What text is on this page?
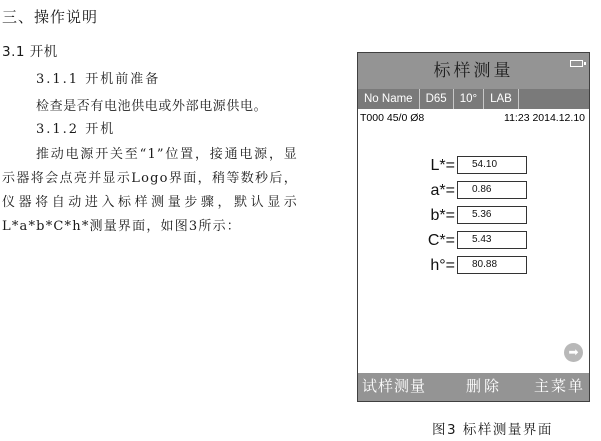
三、操作说明
3.1 开机
3.1.1 开机前准备
检查是否有电池供电或外部电源供电。
3.1.2 开机
推动电源开关至“1”位置，接通电源，显示器将会点亮并显示Logo界面，稍等数秒后，仪器将自动进入标样测量步骤，默认显示L*a*b*C*h*测量界面，如图3所示：
标样测量
No Name	D65	10°	LAB
T000 45/0 Ø8	11:23 2014.12.10
L*=	54.10
a*=	0.86
b*=	5.36
C*=	5.43
h°=	80.88
➡
试样测量	删除 主菜单
图3 标样测量界面
